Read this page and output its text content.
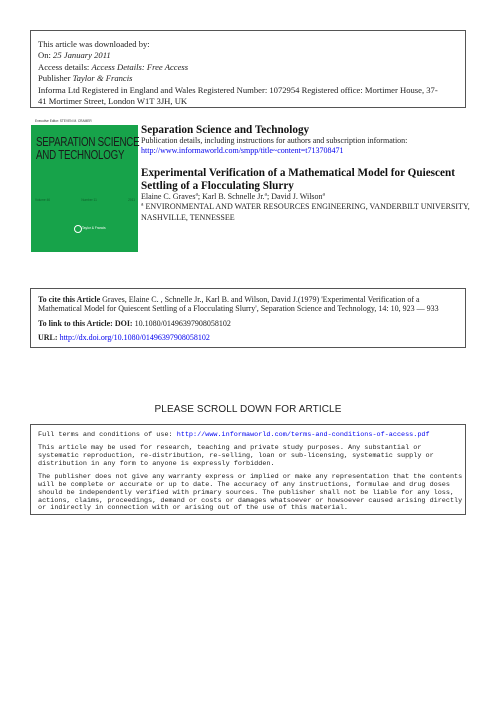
This article was downloaded by:
On: 25 January 2011
Access details: Access Details: Free Access
Publisher Taylor & Francis
Informa Ltd Registered in England and Wales Registered Number: 1072954 Registered office: Mortimer House, 37-
41 Mortimer Street, London W1T 3JH, UK
Executive Editor: STEVEN M. CRAMER
SEPARATION SCIENCE
AND TECHNOLOGY
Volume 46	Number 11	2011
Taylor & Francis
Separation Science and Technology
Publication details, including instructions for authors and subscription information:
http://www.informaworld.com/smpp/title~content=t713708471
Experimental Verification of a Mathematical Model for Quiescent Settling of a Flocculating Slurry
Elaine C. Graves$^a$; Karl B. Schnelle Jr.$^a$; David J. Wilson$^a$
$^a$ ENVIRONMENTAL AND WATER RESOURCES ENGINEERING, VANDERBILT UNIVERSITY, NASHVILLE, TENNESSEE
To cite this Article Graves, Elaine C. , Schnelle Jr., Karl B. and Wilson, David J.(1979) 'Experimental Verification of a Mathematical Model for Quiescent Settling of a Flocculating Slurry', Separation Science and Technology, 14: 10, 923 — 933
To link to this Article: DOI: 10.1080/01496397908058102
URL: http://dx.doi.org/10.1080/01496397908058102
PLEASE SCROLL DOWN FOR ARTICLE
Full terms and conditions of use: http://www.informaworld.com/terms-and-conditions-of-access.pdf
This article may be used for research, teaching and private study purposes. Any substantial or
systematic reproduction, re-distribution, re-selling, loan or sub-licensing, systematic supply or
distribution in any form to anyone is expressly forbidden.
The publisher does not give any warranty express or implied or make any representation that the contents
will be complete or accurate or up to date. The accuracy of any instructions, formulae and drug doses
should be independently verified with primary sources. The publisher shall not be liable for any loss,
actions, claims, proceedings, demand or costs or damages whatsoever or howsoever caused arising directly
or indirectly in connection with or arising out of the use of this material.
